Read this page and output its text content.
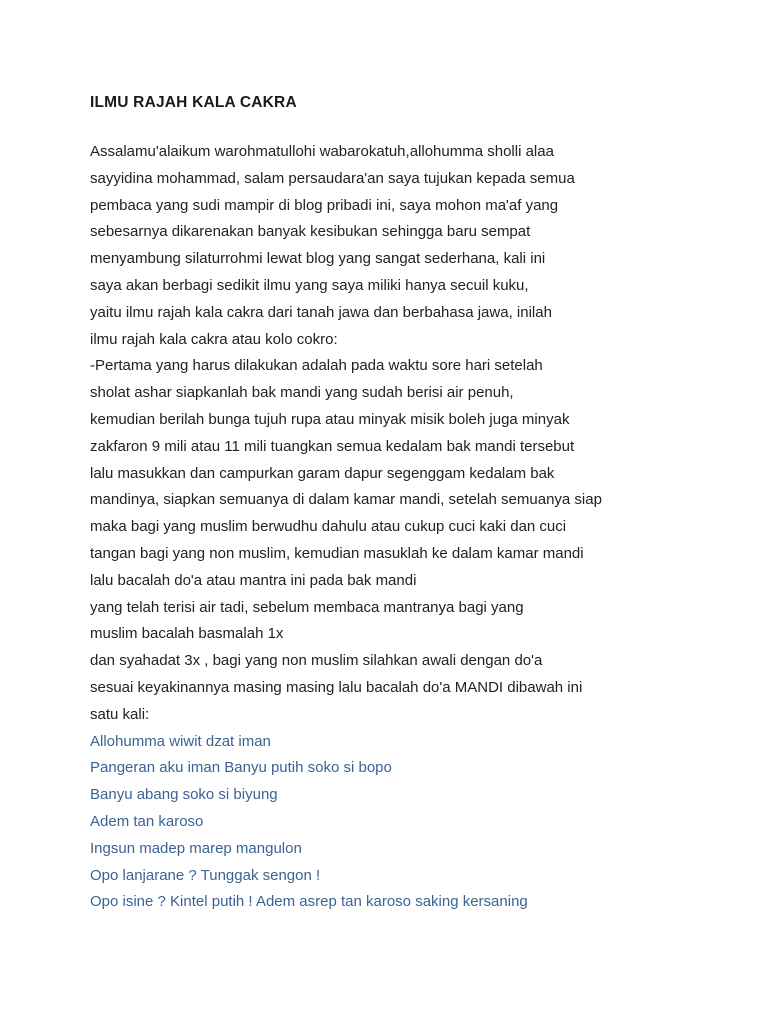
ILMU RAJAH KALA CAKRA
Assalamu'alaikum warohmatullohi wabarokatuh,allohumma sholli alaa
sayyidina mohammad, salam persaudara'an saya tujukan kepada semua
pembaca yang sudi mampir di blog pribadi ini, saya mohon ma'af yang
sebesarnya dikarenakan banyak kesibukan sehingga baru sempat
menyambung silaturrohmi lewat blog yang sangat sederhana, kali ini
saya akan berbagi sedikit ilmu yang saya miliki hanya secuil kuku,
yaitu ilmu rajah kala cakra dari tanah jawa dan berbahasa jawa, inilah
ilmu rajah kala cakra atau kolo cokro:
-Pertama yang harus dilakukan adalah pada waktu sore hari setelah
sholat ashar siapkanlah bak mandi yang sudah berisi air penuh,
kemudian berilah bunga tujuh rupa atau minyak misik boleh juga minyak
zakfaron 9 mili atau 11 mili tuangkan semua kedalam bak mandi tersebut
lalu masukkan dan campurkan garam dapur segenggam kedalam bak
mandinya, siapkan semuanya di dalam kamar mandi, setelah semuanya siap
maka bagi yang muslim berwudhu dahulu atau cukup cuci kaki dan cuci
tangan bagi yang non muslim, kemudian masuklah ke dalam kamar mandi
lalu bacalah do'a atau mantra ini pada bak mandi
yang telah terisi air tadi, sebelum membaca mantranya bagi yang
muslim bacalah basmalah 1x
dan syahadat 3x , bagi yang non muslim silahkan awali dengan do'a
sesuai keyakinannya masing masing lalu bacalah do'a MANDI dibawah ini
satu kali:
Allohumma wiwit dzat iman
Pangeran aku iman Banyu putih soko si bopo
Banyu abang soko si biyung
Adem tan karoso
Ingsun madep marep mangulon
Opo lanjarane ? Tunggak sengon !
Opo isine ? Kintel putih ! Adem asrep tan karoso saking kersaning
